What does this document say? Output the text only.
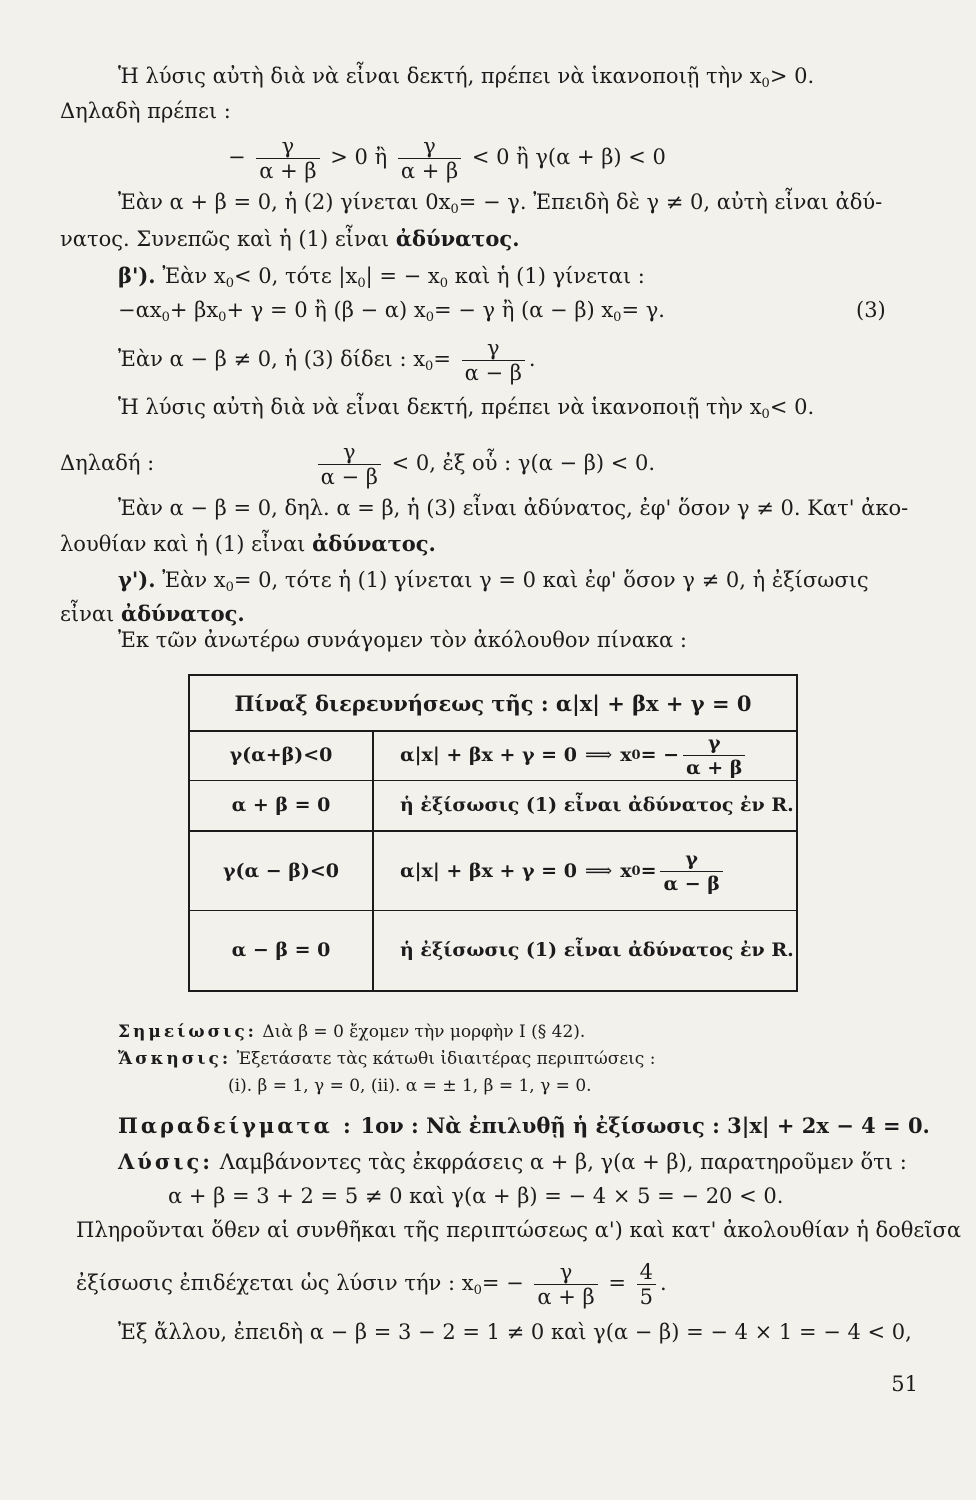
Ἡ λύσις αὐτὴ διὰ νὰ εἶναι δεκτή, πρέπει νὰ ἱκανοποιῇ τὴν $x_0> 0$.
Δηλαδὴ πρέπει :
− $\frac{\gamma}{\alpha + \beta} > 0$ ἢ $\frac{\gamma}{\alpha + \beta} < 0$ ἢ γ(α + β) < 0
Ἐὰν α + β = 0, ἡ (2) γίνεται $0x_0= - \gamma$. Ἐπειδὴ δὲ γ ≠ 0, αὐτὴ εἶναι ἀδύ-
νατος. Συνεπῶς καὶ ἡ (1) εἶναι ἀδύνατος.
β'). Ἐὰν $x_0< 0$, τότε $|x_0|$ = − $x_0$ καὶ ἡ (1) γίνεται :
$-\alpha x_0+ \beta x_0+ \gamma = 0$ ἢ (β − α) $x_0= - \gamma$ ἢ (α − β) $x_0= \gamma$.	(3)
Ἐὰν α − β ≠ 0, ἡ (3) δίδει : $x_0= \frac{\gamma}{\alpha - \beta}$ .
Ἡ λύσις αὐτὴ διὰ νὰ εἶναι δεκτή, πρέπει νὰ ἱκανοποιῇ τὴν $x_0< 0$.
Δηλαδή :	$\frac{\gamma}{\alpha - \beta} < 0$, ἐξ οὗ : γ(α − β) < 0.
Ἐὰν α − β = 0, δηλ. α = β, ἡ (3) εἶναι ἀδύνατος, ἐφ' ὅσον γ ≠ 0. Κατ' ἀκο-
λουθίαν καὶ ἡ (1) εἶναι ἀδύνατος.
γ'). Ἐὰν $x_0= 0$, τότε ἡ (1) γίνεται γ = 0 καὶ ἐφ' ὅσον γ ≠ 0, ἡ ἐξίσωσις
εἶναι ἀδύνατος.
Ἐκ τῶν ἀνωτέρω συνάγομεν τὸν ἀκόλουθον πίνακα :
Πίναξ διερευνήσεως τῆς : α|x| + βx + γ = 0
γ(α+β)<0	α|x| + βx + γ = 0 ⟹ x 0 = − $\frac{\gamma}{\alpha + \beta}$
α + β = 0	ἡ ἐξίσωσις (1) εἶναι ἀδύνατος ἐν R.
γ(α − β)<0	α|x| + βx + γ = 0 ⟹ x $0 = \frac{\gamma}{\alpha - \beta}$
α − β = 0	ἡ ἐξίσωσις (1) εἶναι ἀδύνατος ἐν R.
Σημείωσις: Διὰ β = 0 ἔχομεν τὴν μορφὴν Ι (§ 42).
Ἄσκησις: Ἐξετάσατε τὰς κάτωθι ἰδιαιτέρας περιπτώσεις :
(i). β = 1, γ = 0, (ii). α = ± 1, β = 1, γ = 0.
Παραδείγματα : 1ον : Νὰ ἐπιλυθῇ ἡ ἐξίσωσις : 3|x| + 2x − 4 = 0.
Λύσις: Λαμβάνοντες τὰς ἐκφράσεις α + β, γ(α + β), παρατηροῦμεν ὅτι :
α + β = 3 + 2 = 5 ≠ 0 καὶ γ(α + β) = − 4 × 5 = − 20 < 0.
Πληροῦνται ὅθεν αἱ συνθῆκαι τῆς περιπτώσεως α') καὶ κατ' ἀκολουθίαν ἡ δοθεῖσα
ἐξίσωσις ἐπιδέχεται ὡς λύσιν τήν : $x_0= - \frac{\gamma}{\alpha + \beta} = \frac{4}{5}$ .
Ἐξ ἄλλου, ἐπειδὴ α − β = 3 − 2 = 1 ≠ 0 καὶ γ(α − β) = − 4 × 1 = − 4 < 0,
51
